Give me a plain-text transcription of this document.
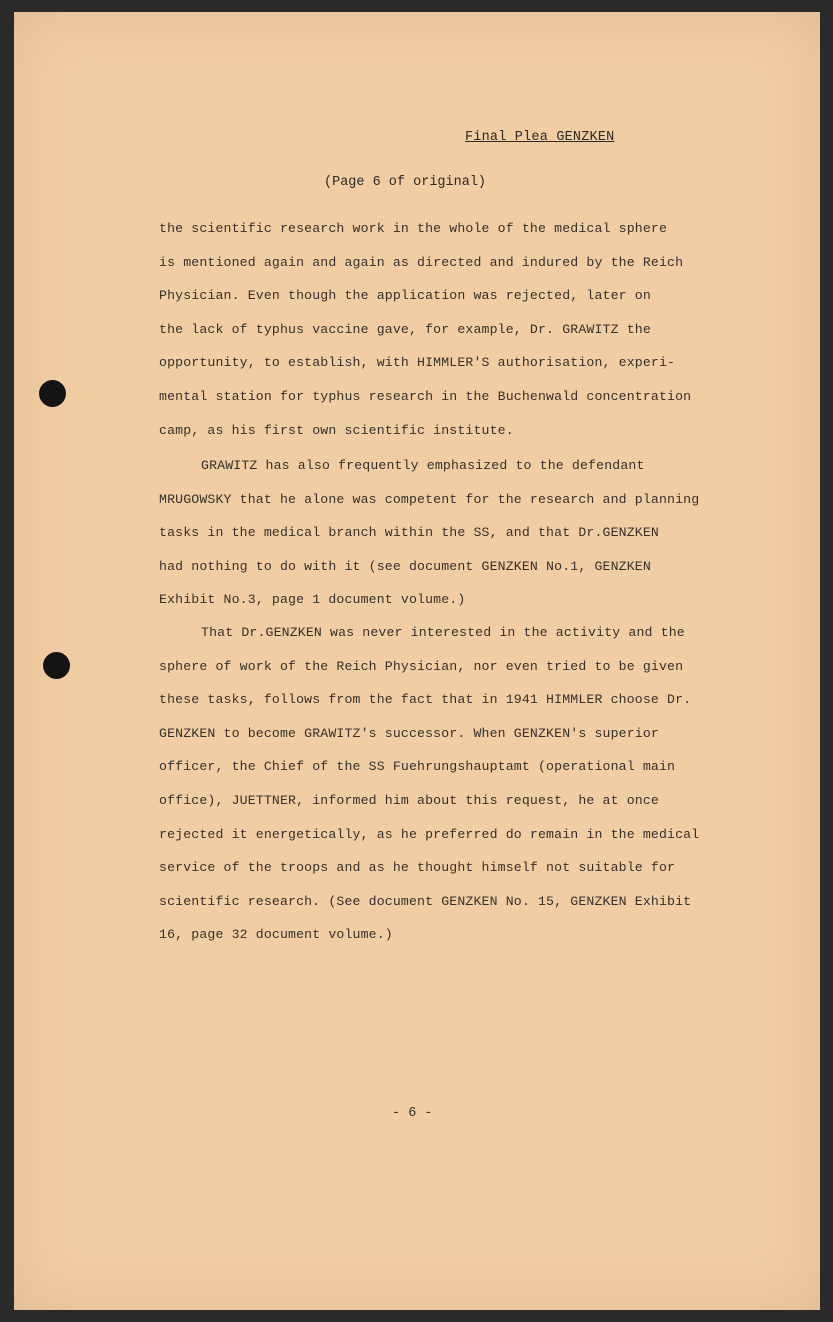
Final Plea GENZKEN
(Page 6 of original)
the scientific research work in the whole of the medical sphere
is mentioned again and again as directed and indured by the Reich
Physician. Even though the application was rejected, later on
the lack of typhus vaccine gave, for example, Dr. GRAWITZ the
opportunity, to establish, with HIMMLER'S authorisation, experi-
mental station for typhus research in the Buchenwald concentration
camp, as his first own scientific institute.
GRAWITZ has also frequently emphasized to the defendant
MRUGOWSKY that he alone was competent for the research and planning
tasks in the medical branch within the SS, and that Dr.GENZKEN
had nothing to do with it (see document GENZKEN No.1, GENZKEN
Exhibit No.3, page 1 document volume.)
That Dr.GENZKEN was never interested in the activity and the
sphere of work of the Reich Physician, nor even tried to be given
these tasks, follows from the fact that in 1941 HIMMLER choose Dr.
GENZKEN to become GRAWITZ's successor. When GENZKEN's superior
officer, the Chief of the SS Fuehrungshauptamt (operational main
office), JUETTNER, informed him about this request, he at once
rejected it energetically, as he preferred do remain in the medical
service of the troops and as he thought himself not suitable for
scientific research. (See document GENZKEN No. 15, GENZKEN Exhibit
16, page 32 document volume.)
- 6 -
